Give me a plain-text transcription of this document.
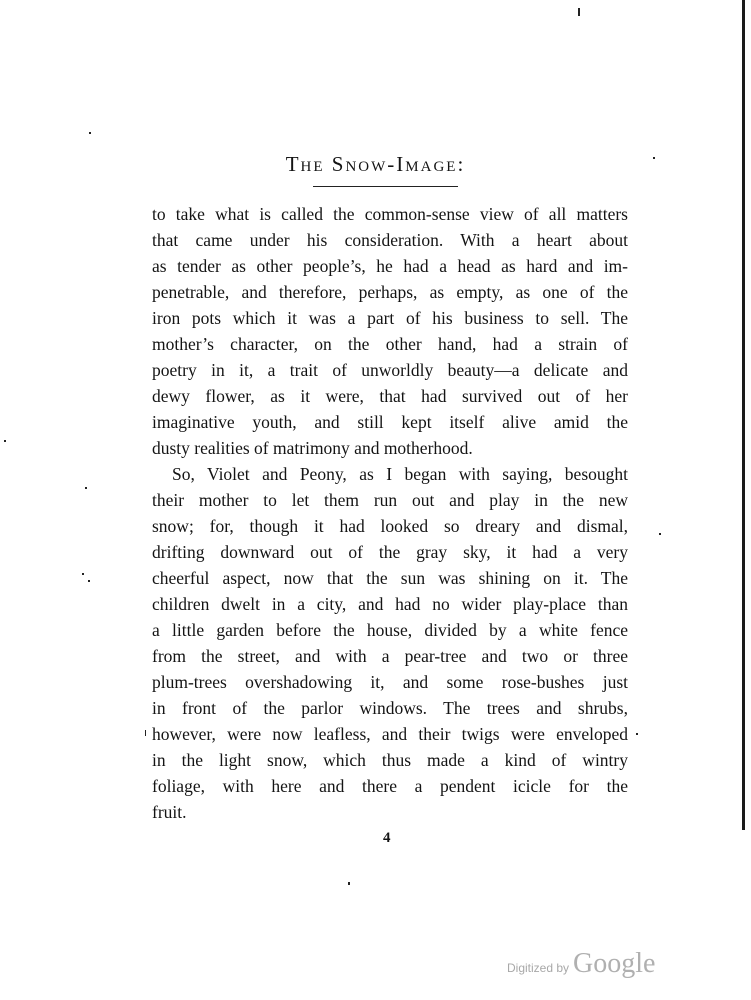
The Snow-Image:
to take what is called the common-sense view of all matters
that came under his consideration. With a heart about
as tender as other people’s, he had a head as hard and im-
penetrable, and therefore, perhaps, as empty, as one of the
iron pots which it was a part of his business to sell. The
mother’s character, on the other hand, had a strain of
poetry in it, a trait of unworldly beauty—a delicate and
dewy flower, as it were, that had survived out of her
imaginative youth, and still kept itself alive amid the
dusty realities of matrimony and motherhood.
So, Violet and Peony, as I began with saying, besought
their mother to let them run out and play in the new
snow; for, though it had looked so dreary and dismal,
drifting downward out of the gray sky, it had a very
cheerful aspect, now that the sun was shining on it. The
children dwelt in a city, and had no wider play-place than
a little garden before the house, divided by a white fence
from the street, and with a pear-tree and two or three
plum-trees overshadowing it, and some rose-bushes just
in front of the parlor windows. The trees and shrubs,
however, were now leafless, and their twigs were enveloped
in the light snow, which thus made a kind of wintry
foliage, with here and there a pendent icicle for the
fruit.
4
Digitized by Google
